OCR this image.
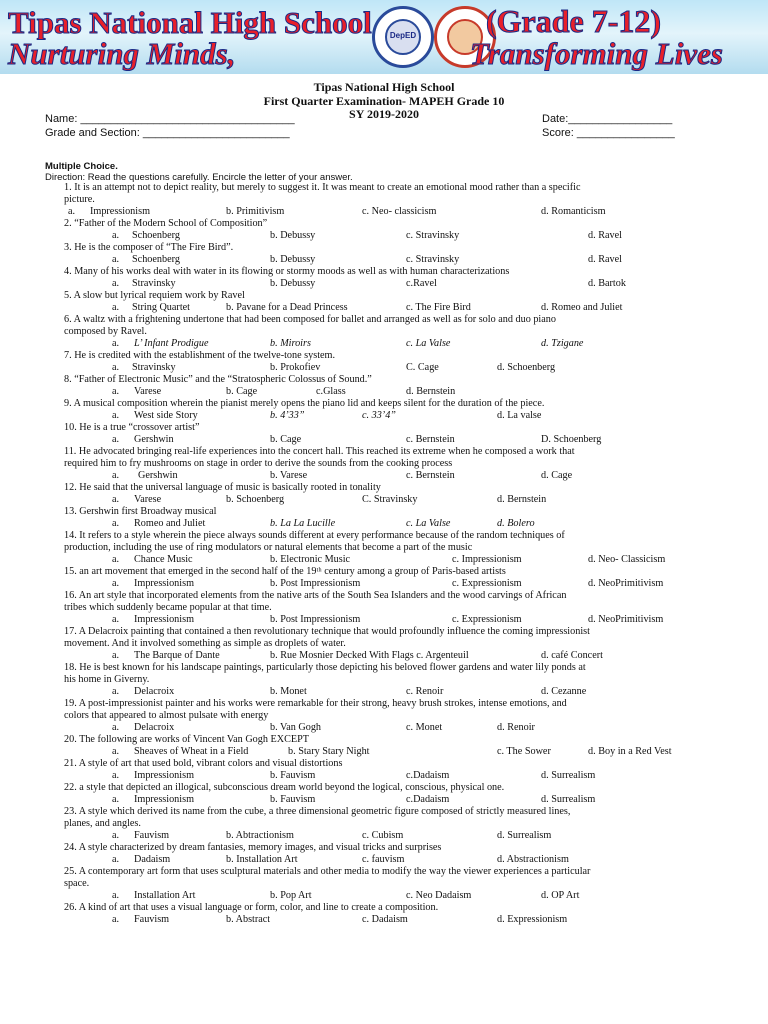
Tipas National High School	DepED	(Grade 7-12)
Nurturing Minds,	Transforming Lives
Tipas National High School
First Quarter Examination- MAPEH Grade 10
SY 2019-2020
Name: ___________________________________	Date:_________________
Grade and Section: ________________________	Score: ________________
Multiple Choice.
Direction: Read the questions carefully. Encircle the letter of your answer.
1. It is an attempt not to depict reality, but merely to suggest it. It was meant to create an emotional mood rather than a specific
picture.
a. Impressionism	b. Primitivism	c. Neo- classicism	d. Romanticism
2. “Father of the Modern School of Composition”
a. Schoenberg	b. Debussy	c. Stravinsky	d. Ravel
3. He is the composer of “The Fire Bird”.
a. Schoenberg	b. Debussy	c. Stravinsky	d. Ravel
4. Many of his works deal with water in its flowing or stormy moods as well as with human characterizations
a. Stravinsky	b. Debussy	c.Ravel	d. Bartok
5. A slow but lyrical requiem work by Ravel
a. String Quartet	b. Pavane for a Dead Princess	c. The Fire Bird	d. Romeo and Juliet
6. A waltz with a frightening undertone that had been composed for ballet and arranged as well as for solo and duo piano
composed by Ravel.
a. L’ Infant Prodigue	b. Miroirs	c. La Valse	d. Tzigane
7. He is credited with the establishment of the twelve-tone system.
a. Stravinsky	b. Prokofiev	C. Cage	d. Schoenberg
8. “Father of Electronic Music” and the “Stratospheric Colossus of Sound.”
a. Varese	b. Cage	c.Glass	d. Bernstein
9. A musical composition wherein the pianist merely opens the piano lid and keeps silent for the duration of the piece.
a. West side Story	b. 4’33”	c. 33’4”	d. La valse
10. He is a true “crossover artist”
a. Gershwin	b. Cage	c. Bernstein	D. Schoenberg
11. He advocated bringing real-life experiences into the concert hall. This reached its extreme when he composed a work that
required him to fry mushrooms on stage in order to derive the sounds from the cooking process
a. Gershwin	b. Varese	c. Bernstein	d. Cage
12. He said that the universal language of music is basically rooted in tonality
a. Varese	b. Schoenberg	C. Stravinsky	d. Bernstein
13. Gershwin first Broadway musical
a. Romeo and Juliet	b. La La Lucille	c. La Valse	d. Bolero
14. It refers to a style wherein the piece always sounds different at every performance because of the random techniques of
production, including the use of ring modulators or natural elements that become a part of the music
a. Chance Music	b. Electronic Music	c. Impressionism	d. Neo- Classicism
15. an art movement that emerged in the second half of the 19ᵗʰ century among a group of Paris-based artists
a. Impressionism	b. Post Impressionism	c. Expressionism	d. NeoPrimitivism
16. An art style that incorporated elements from the native arts of the South Sea Islanders and the wood carvings of African
tribes which suddenly became popular at that time.
a. Impressionism	b. Post Impressionism	c. Expressionism	d. NeoPrimitivism
17. A Delacroix painting that contained a then revolutionary technique that would profoundly influence the coming impressionist
movement. And it involved something as simple as droplets of water.
a. The Barque of Dante	b. Rue Mosnier Decked With Flags c. Argenteuil	d. café Concert
18. He is best known for his landscape paintings, particularly those depicting his beloved flower gardens and water lily ponds at
his home in Giverny.
a. Delacroix	b. Monet	c. Renoir	d. Cezanne
19. A post-impressionist painter and his works were remarkable for their strong, heavy brush strokes, intense emotions, and
colors that appeared to almost pulsate with energy
a. Delacroix	b. Van Gogh	c. Monet	d. Renoir
20. The following are works of Vincent Van Gogh EXCEPT
a. Sheaves of Wheat in a Field	b. Stary Stary Night	c. The Sower	d. Boy in a Red Vest
21. A style of art that used bold, vibrant colors and visual distortions
a. Impressionism	b. Fauvism	c.Dadaism	d. Surrealism
22. a style that depicted an illogical, subconscious dream world beyond the logical, conscious, physical one.
a. Impressionism	b. Fauvism	c.Dadaism	d. Surrealism
23. A style which derived its name from the cube, a three dimensional geometric figure composed of strictly measured lines,
planes, and angles.
a. Fauvism	b. Abtractionism	c. Cubism	d. Surrealism
24. A style characterized by dream fantasies, memory images, and visual tricks and surprises
a. Dadaism	b. Installation Art	c. fauvism	d. Abstractionism
25. A contemporary art form that uses sculptural materials and other media to modify the way the viewer experiences a particular
space.
a. Installation Art	b. Pop Art	c. Neo Dadaism	d. OP Art
26. A kind of art that uses a visual language or form, color, and line to create a composition.
a. Fauvism	b. Abstract	c. Dadaism	d. Expressionism
